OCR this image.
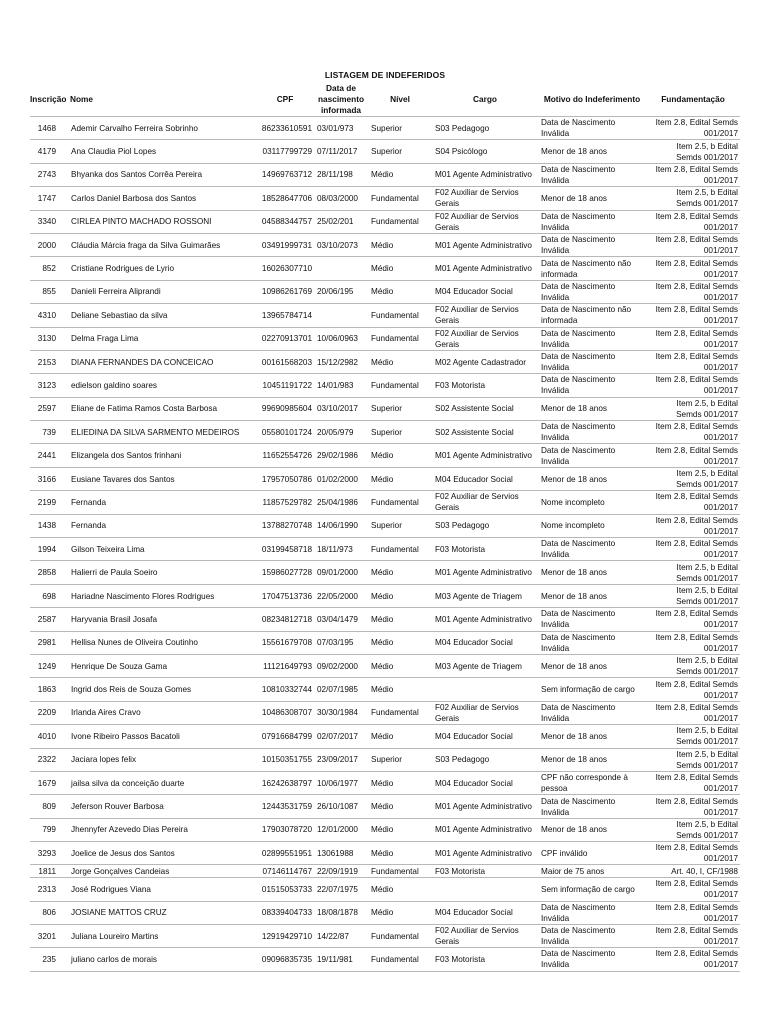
LISTAGEM DE INDEFERIDOS
Inscrição	Nome	CPF	Data de nascimento informada	Nível	Cargo	Motivo do Indeferimento	Fundamentação
1468	Ademir Carvalho Ferreira Sobrinho	86233610591	03/01/973	Superior	S03 Pedagogo	Data de Nascimento Inválida	Item 2.8, Edital Semds 001/2017
4179	Ana Claudia Piol Lopes	03117799729	07/11/2017	Superior	S04 Psicólogo	Menor de 18 anos	Item 2.5, b Edital Semds 001/2017
2743	Bhyanka dos Santos Corrêa Pereira	14969763712	28/11/198	Médio	M01 Agente Administrativo	Data de Nascimento Inválida	Item 2.8, Edital Semds 001/2017
1747	Carlos Daniel Barbosa dos Santos	18528647706	08/03/2000	Fundamental	F02 Auxiliar de Servios Gerais	Menor de 18 anos	Item 2.5, b Edital Semds 001/2017
3340	CIRLEA PINTO MACHADO ROSSONI	04588344757	25/02/201	Fundamental	F02 Auxiliar de Servios Gerais	Data de Nascimento Inválida	Item 2.8, Edital Semds 001/2017
2000	Cláudia Márcia fraga da Silva Guimarães	03491999731	03/10/2073	Médio	M01 Agente Administrativo	Data de Nascimento Inválida	Item 2.8, Edital Semds 001/2017
852	Cristiane Rodrigues de Lyrio	16026307710		Médio	M01 Agente Administrativo	Data de Nascimento não informada	Item 2.8, Edital Semds 001/2017
855	Danieli Ferreira Aliprandi	10986261769	20/06/195	Médio	M04 Educador Social	Data de Nascimento Inválida	Item 2.8, Edital Semds 001/2017
4310	Deliane Sebastiao da silva	13965784714		Fundamental	F02 Auxiliar de Servios Gerais	Data de Nascimento não informada	Item 2.8, Edital Semds 001/2017
3130	Delma Fraga Lima	02270913701	10/06/0963	Fundamental	F02 Auxiliar de Servios Gerais	Data de Nascimento Inválida	Item 2.8, Edital Semds 001/2017
2153	DIANA FERNANDES DA CONCEICAO	00161568203	15/12/2982	Médio	M02 Agente Cadastrador	Data de Nascimento Inválida	Item 2.8, Edital Semds 001/2017
3123	edielson galdino soares	10451191722	14/01/983	Fundamental	F03 Motorista	Data de Nascimento Inválida	Item 2.8, Edital Semds 001/2017
2597	Eliane de Fatima Ramos Costa Barbosa	99690985604	03/10/2017	Superior	S02 Assistente Social	Menor de 18 anos	Item 2.5, b Edital Semds 001/2017
739	ELIEDINA DA SILVA SARMENTO MEDEIROS	05580101724	20/05/979	Superior	S02 Assistente Social	Data de Nascimento Inválida	Item 2.8, Edital Semds 001/2017
2441	Elizangela dos Santos frinhani	11652554726	29/02/1986	Médio	M01 Agente Administrativo	Data de Nascimento Inválida	Item 2.8, Edital Semds 001/2017
3166	Eusiane Tavares dos Santos	17957050786	01/02/2000	Médio	M04 Educador Social	Menor de 18 anos	Item 2.5, b Edital Semds 001/2017
2199	Fernanda	11857529782	25/04/1986	Fundamental	F02 Auxiliar de Servios Gerais	Nome incompleto	Item 2.8, Edital Semds 001/2017
1438	Fernanda	13788270748	14/06/1990	Superior	S03 Pedagogo	Nome incompleto	Item 2.8, Edital Semds 001/2017
1994	Gilson Teixeira Lima	03199458718	18/11/973	Fundamental	F03 Motorista	Data de Nascimento Inválida	Item 2.8, Edital Semds 001/2017
2858	Halierri de Paula Soeiro	15986027728	09/01/2000	Médio	M01 Agente Administrativo	Menor de 18 anos	Item 2.5, b Edital Semds 001/2017
698	Hariadne Nascimento Flores Rodrigues	17047513736	22/05/2000	Médio	M03 Agente de Triagem	Menor de 18 anos	Item 2.5, b Edital Semds 001/2017
2587	Haryvania Brasil Josafa	08234812718	03/04/1479	Médio	M01 Agente Administrativo	Data de Nascimento Inválida	Item 2.8, Edital Semds 001/2017
2981	Hellisa Nunes de Oliveira Coutinho	15561679708	07/03/195	Médio	M04 Educador Social	Data de Nascimento Inválida	Item 2.8, Edital Semds 001/2017
1249	Henrique De Souza Gama	11121649793	09/02/2000	Médio	M03 Agente de Triagem	Menor de 18 anos	Item 2.5, b Edital Semds 001/2017
1863	Ingrid dos Reis de Souza Gomes	10810332744	02/07/1985	Médio		Sem informação de cargo	Item 2.8, Edital Semds 001/2017
2209	Irlanda Aires Cravo	10486308707	30/30/1984	Fundamental	F02 Auxiliar de Servios Gerais	Data de Nascimento Inválida	Item 2.8, Edital Semds 001/2017
4010	Ivone Ribeiro Passos Bacatoli	07916684799	02/07/2017	Médio	M04 Educador Social	Menor de 18 anos	Item 2.5, b Edital Semds 001/2017
2322	Jaciara lopes felix	10150351755	23/09/2017	Superior	S03 Pedagogo	Menor de 18 anos	Item 2.5, b Edital Semds 001/2017
1679	jailsa silva da conceição duarte	16242638797	10/06/1977	Médio	M04 Educador Social	CPF não corresponde à pessoa	Item 2.8, Edital Semds 001/2017
809	Jeferson Rouver Barbosa	12443531759	26/10/1087	Médio	M01 Agente Administrativo	Data de Nascimento Inválida	Item 2.8, Edital Semds 001/2017
799	Jhennyfer Azevedo Dias Pereira	17903078720	12/01/2000	Médio	M01 Agente Administrativo	Menor de 18 anos	Item 2.5, b Edital Semds 001/2017
3293	Joelice de Jesus dos Santos	02899551951	13061988	Médio	M01 Agente Administrativo	CPF inválido	Item 2.8, Edital Semds 001/2017
1811	Jorge Gonçalves Candeias	07146114767	22/09/1919	Fundamental	F03 Motorista	Maior de 75 anos	Art. 40, I, CF/1988
2313	José Rodrigues Viana	01515053733	22/07/1975	Médio		Sem informação de cargo	Item 2.8, Edital Semds 001/2017
806	JOSIANE MATTOS CRUZ	08339404733	18/08/1878	Médio	M04 Educador Social	Data de Nascimento Inválida	Item 2.8, Edital Semds 001/2017
3201	Juliana Loureiro Martins	12919429710	14/22/87	Fundamental	F02 Auxiliar de Servios Gerais	Data de Nascimento Inválida	Item 2.8, Edital Semds 001/2017
235	juliano carlos de morais	09096835735	19/11/981	Fundamental	F03 Motorista	Data de Nascimento Inválida	Item 2.8, Edital Semds 001/2017
